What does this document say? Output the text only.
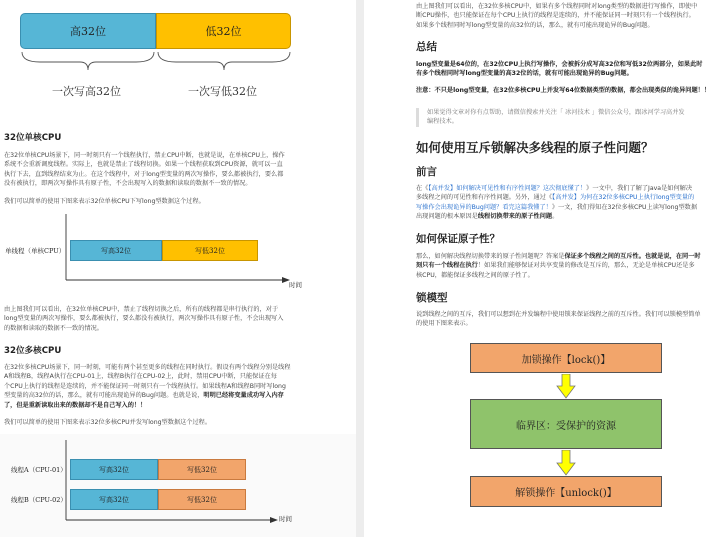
高32位	低32位
一次写高32位	一次写低32位
32位单核CPU
在32位单核CPU场景下，同一时刻只有一个线程执行，禁止CPU中断，也就是说，在单核CPU上，操作
系统不会重新调度线程。实际上，也就是禁止了线程切换。如果一个线程获取到CPU资源，就可以一直
执行下去，直到线程结束为止。在这个线程中，对于long型变量的两次写操作，要么都被执行，要么都
没有被执行，即两次写操作具有原子性，不会出现写入的数据和读取的数据不一致的情况。
我们可以简单的使用下图来表示32位单核CPU下写long型数据这个过程。
单线程（单核CPU）	写高32位	写低32位
时间
由上图我们可以看出，在32位单核CPU中，禁止了线程切换之后，所有的线程都是串行执行的，对于
long型变量的两次写操作，要么都被执行，要么都没有被执行，两次写操作具有原子性，不会出现写入
的数据和读取的数据不一致的情况。
32位多核CPU
在32位多核CPU场景下，同一时刻，可能有两个甚至更多的线程在同时执行。假设有两个线程分别是线程
A和线程B，线程A执行在CPU-01上，线程B执行在CPU-02上，此时，禁用CPU中断，只能保证在每
个CPU上执行的线程是连续的，并不能保证同一时刻只有一个线程执行。如果线程A和线程B同时写long
型变量的高32位的话，那么，就有可能出现诡异的Bug问题。也就是说，明明已经将变量成功写入内存
了，但是重新读取出来的数据却不是自己写入的！！
我们可以简单的使用下图来表示32位多核CPU并发写long型数据这个过程。
线程A（CPU-01）	写高32位	写低32位
线程B（CPU-02）	写高32位	写低32位
时间
由上图我们可以看出，在32位多核CPU中，如果有多个线程同时对long类型的数据进行写操作，即使中
断CPU操作，也只能保证在每个CPU上执行的线程是连续的，并不能保证同一时刻只有一个线程执行。
如果多个线程同时写long型变量的高32位的话，那么，就有可能出现诡异的Bug问题。
总结
long型变量是64位的，在32位CPU上执行写操作，会被拆分成写高32位和写低32位两部分，如果此时
有多个线程同时写long型变量的高32位的话，就有可能出现诡异的Bug问题。
注意：不只是long型变量，在32位多核CPU上并发写64位数据类型的数据，都会出现类似的诡异问题！！
如果觉得文章对你有点帮助，请微信搜索并关注「 冰河技术 」微信公众号，跟冰河学习高并发
编程技术。
如何使用互斥锁解决多线程的原子性问题？
前言
在《【高并发】如何解决可见性和有序性问题？这次彻底懂了！》一文中，我们了解了Java是如何解决
多线程之间的可见性和有序性问题。另外，通过《【高并发】为何在32位多核CPU上执行long型变量的
写操作会出现诡异的Bug问题？看完这篇我懂了！》一文，我们得知在32位多核CPU上读写long型数据
出现问题的根本原因是线程切换带来的原子性问题。
如何保证原子性？
那么，如何解决线程切换带来的原子性问题呢？答案是保证多个线程之间的互斥性。也就是说，在同一时
刻只有一个线程在执行！如果我们能够保证对共享变量的修改是互斥的，那么，无论是单核CPU还是多
核CPU，都能保证多线程之间的原子性了。
锁模型
说到线程之间的互斥，我们可以想到在并发编程中使用锁来保证线程之前的互斥性。我们可以锁模型简单
的使用下图来表示。
加锁操作【lock()】
临界区：受保护的资源
解锁操作【unlock()】
